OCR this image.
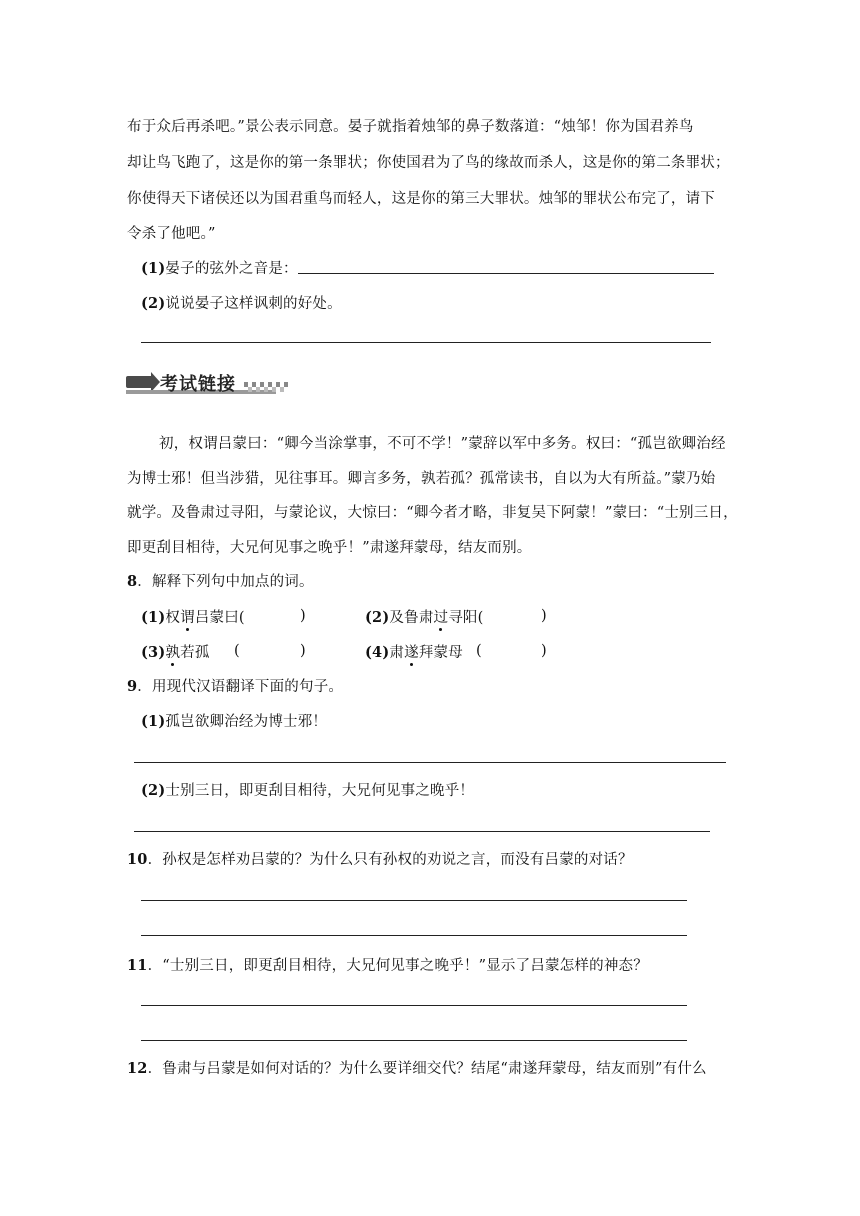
布于众后再杀吧。”景公表示同意。晏子就指着烛邹的鼻子数落道：“烛邹！你为国君养鸟
却让鸟飞跑了，这是你的第一条罪状；你使国君为了鸟的缘故而杀人，这是你的第二条罪状；
你使得天下诸侯还以为国君重鸟而轻人，这是你的第三大罪状。烛邹的罪状公布完了，请下
令杀了他吧。”
(1)晏子的弦外之音是：
(2)说说晏子这样讽刺的好处。
考试链接
初，权谓吕蒙曰：“卿今当涂掌事，不可不学！”蒙辞以军中多务。权曰：“孤岂欲卿治经
为博士邪！但当涉猎，见往事耳。卿言多务，孰若孤？孤常读书，自以为大有所益。”蒙乃始
就学。及鲁肃过寻阳，与蒙论议，大惊曰：“卿今者才略，非复吴下阿蒙！”蒙曰：“士别三日，
即更刮目相待，大兄何见事之晚乎！”肃遂拜蒙母，结友而别。
8．解释下列句中加点的词。
(1)权谓吕蒙曰(	)	(2)及鲁肃过寻阳(	)
(3)孰若孤 (	)	(4)肃遂拜蒙母 (	)
9．用现代汉语翻译下面的句子。
(1)孤岂欲卿治经为博士邪！
(2)士别三日，即更刮目相待，大兄何见事之晚乎！
10．孙权是怎样劝吕蒙的？为什么只有孙权的劝说之言，而没有吕蒙的对话？
11．“士别三日，即更刮目相待，大兄何见事之晚乎！”显示了吕蒙怎样的神态？
12．鲁肃与吕蒙是如何对话的？为什么要详细交代？结尾“肃遂拜蒙母，结友而别”有什么
